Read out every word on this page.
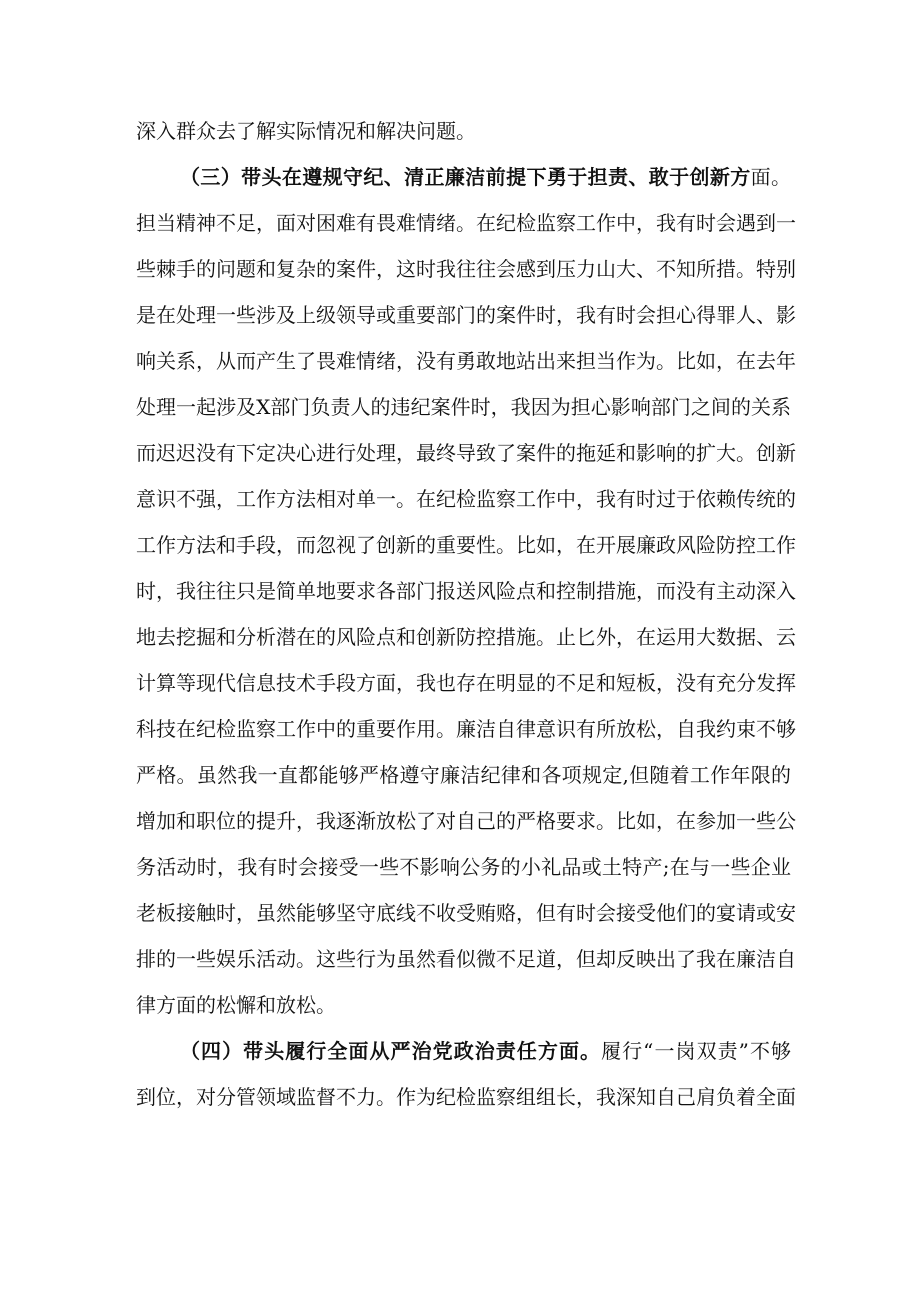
深入群众去了解实际情况和解决问题。
（三）带头在遵规守纪、清正廉洁前提下勇于担责、敢于创新方面。
担当精神不足，面对困难有畏难情绪。在纪检监察工作中，我有时会遇到一
些棘手的问题和复杂的案件，这时我往往会感到压力山大、不知所措。特别
是在处理一些涉及上级领导或重要部门的案件时，我有时会担心得罪人、影
响关系，从而产生了畏难情绪，没有勇敢地站出来担当作为。比如，在去年
处理一起涉及X部门负责人的违纪案件时，我因为担心影响部门之间的关系
而迟迟没有下定决心进行处理，最终导致了案件的拖延和影响的扩大。创新
意识不强，工作方法相对单一。在纪检监察工作中，我有时过于依赖传统的
工作方法和手段，而忽视了创新的重要性。比如，在开展廉政风险防控工作
时，我往往只是简单地要求各部门报送风险点和控制措施，而没有主动深入
地去挖掘和分析潜在的风险点和创新防控措施。止匕外，在运用大数据、云
计算等现代信息技术手段方面，我也存在明显的不足和短板，没有充分发挥
科技在纪检监察工作中的重要作用。廉洁自律意识有所放松，自我约束不够
严格。虽然我一直都能够严格遵守廉洁纪律和各项规定,但随着工作年限的
增加和职位的提升，我逐渐放松了对自己的严格要求。比如，在参加一些公
务活动时，我有时会接受一些不影响公务的小礼品或土特产;在与一些企业
老板接触时，虽然能够坚守底线不收受贿赂，但有时会接受他们的宴请或安
排的一些娱乐活动。这些行为虽然看似微不足道，但却反映出了我在廉洁自
律方面的松懈和放松。
（四）带头履行全面从严治党政治责任方面。履行“一岗双责”不够
到位，对分管领域监督不力。作为纪检监察组组长，我深知自己肩负着全面
